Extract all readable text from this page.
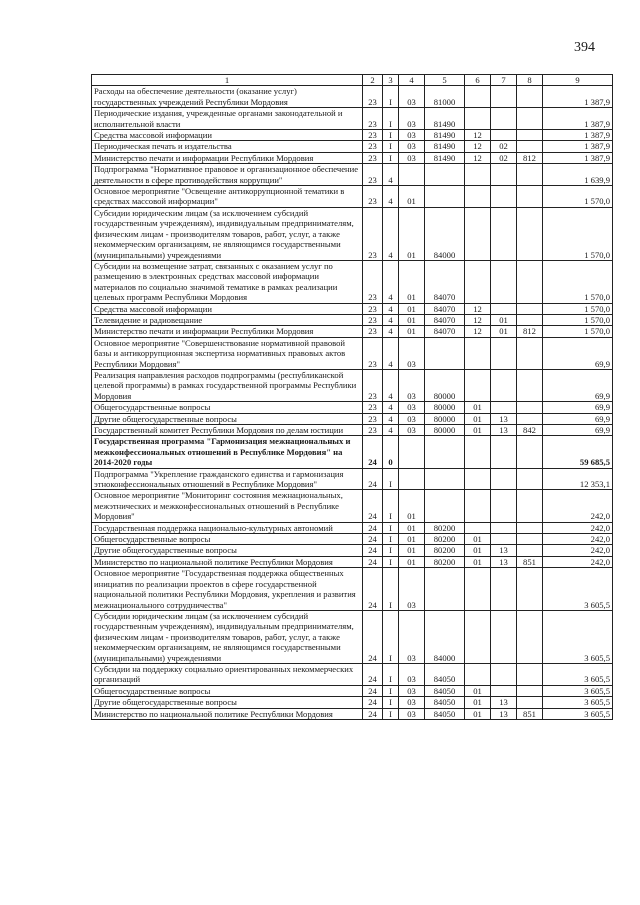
394
1	2	3	4	5	6	7	8	9
Расходы на обеспечение деятельности (оказание услуг) государственных учреждений Республики Мордовия	23	I	03	81000				1 387,9
Периодические издания, учрежденные органами законодательной и исполнительной власти	23	I	03	81490				1 387,9
Средства массовой информации	23	I	03	81490	12			1 387,9
Периодическая печать и издательства	23	I	03	81490	12	02		1 387,9
Министерство печати и информации Республики Мордовия	23	I	03	81490	12	02	812	1 387,9
Подпрограмма "Нормативное правовое и организационное обеспечение деятельности в сфере противодействия коррупции"	23	4						1 639,9
Основное мероприятие "Освещение антикоррупционной тематики в средствах массовой информации"	23	4	01					1 570,0
Субсидии юридическим лицам (за исключением субсидий государственным учреждениям), индивидуальным предпринимателям, физическим лицам - производителям товаров, работ, услуг, а также некоммерческим организациям, не являющимся государственными (муниципальными) учреждениями	23	4	01	84000				1 570,0
Субсидии на возмещение затрат, связанных с оказанием услуг по размещению в электронных средствах массовой информации материалов по социально значимой тематике в рамках реализации целевых программ Республики Мордовия	23	4	01	84070				1 570,0
Средства массовой информации	23	4	01	84070	12			1 570,0
Телевидение и радиовещание	23	4	01	84070	12	01		1 570,0
Министерство печати и информации Республики Мордовия	23	4	01	84070	12	01	812	1 570,0
Основное мероприятие "Совершенствование нормативной правовой базы и антикоррупционная экспертиза нормативных правовых актов Республики Мордовия"	23	4	03					69,9
Реализация направления расходов подпрограммы (республиканской целевой программы) в рамках государственной программы Республики Мордовия	23	4	03	80000				69,9
Общегосударственные вопросы	23	4	03	80000	01			69,9
Другие общегосударственные вопросы	23	4	03	80000	01	13		69,9
Государственный комитет Республики Мордовия по делам юстиции	23	4	03	80000	01	13	842	69,9
Государственная программа "Гармонизация межнациональных и межконфессиональных отношений в Республике Мордовия" на 2014-2020 годы	24	0						59 685,5
Подпрограмма "Укрепление гражданского единства и гармонизация этноконфессиональных отношений в Республике Мордовия"	24	I						12 353,1
Основное мероприятие "Мониторинг состояния межнациональных, межэтнических и межконфессиональных отношений в Республике Мордовия"	24	I	01					242,0
Государственная поддержка национально-культурных автономий	24	I	01	80200				242,0
Общегосударственные вопросы	24	I	01	80200	01			242,0
Другие общегосударственные вопросы	24	I	01	80200	01	13		242,0
Министерство по национальной политике Республики Мордовия	24	I	01	80200	01	13	851	242,0
Основное мероприятие "Государственная поддержка общественных инициатив по реализации проектов в сфере государственной национальной политики Республики Мордовия, укрепления и развития межнационального сотрудничества"	24	I	03					3 605,5
Субсидии юридическим лицам (за исключением субсидий государственным учреждениям), индивидуальным предпринимателям, физическим лицам - производителям товаров, работ, услуг, а также некоммерческим организациям, не являющимся государственными (муниципальными) учреждениями	24	I	03	84000				3 605,5
Субсидии на поддержку социально ориентированных некоммерческих организаций	24	I	03	84050				3 605,5
Общегосударственные вопросы	24	I	03	84050	01			3 605,5
Другие общегосударственные вопросы	24	I	03	84050	01	13		3 605,5
Министерство по национальной политике Республики Мордовия	24	I	03	84050	01	13	851	3 605,5
